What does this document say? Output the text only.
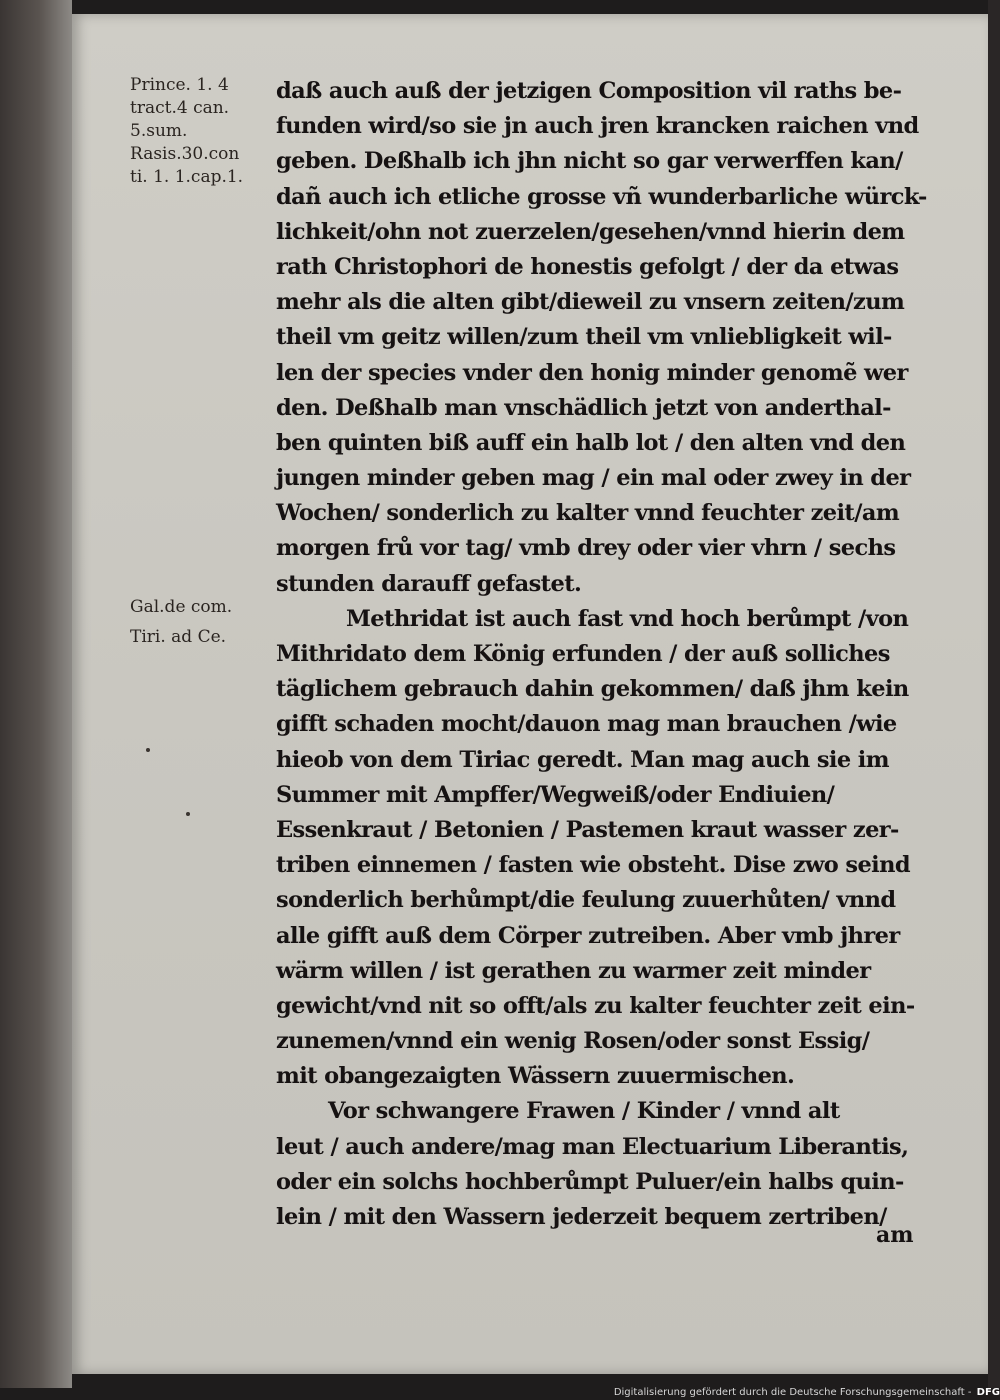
Prince. 1. 4
tract.4 can.
5.sum.
Rasis.30.con
ti. 1. 1.cap.1.
Gal.de com.
Tiri. ad Ce.
daß auch auß der jetzigen Composition vil raths be-
funden wird/so sie jn auch jren krancken raichen vnd
geben. Deßhalb ich jhn nicht so gar verwerffen kan/
dañ auch ich etliche grosse vñ wunderbarliche würck-
lichkeit/ohn not zuerzelen/gesehen/vnnd hierin dem
rath Christophori de honestis gefolgt / der da etwas
mehr als die alten gibt/dieweil zu vnsern zeiten/zum
theil vm geitz willen/zum theil vm vnliebligkeit wil-
len der species vnder den honig minder genomẽ wer
den. Deßhalb man vnschädlich jetzt von anderthal-
ben quinten biß auff ein halb lot / den alten vnd den
jungen minder geben mag / ein mal oder zwey in der
Wochen/ sonderlich zu kalter vnnd feuchter zeit/am
morgen frů vor tag/ vmb drey oder vier vhrn / sechs
stunden darauff gefastet.
Methridat ist auch fast vnd hoch berůmpt /von
Mithridato dem König erfunden / der auß solliches
täglichem gebrauch dahin gekommen/ daß jhm kein
gifft schaden mocht/dauon mag man brauchen /wie
hieob von dem Tiriac geredt. Man mag auch sie im
Summer mit Ampffer/Wegweiß/oder Endiuien/
Essenkraut / Betonien / Pastemen kraut wasser zer-
triben einnemen / fasten wie obsteht. Dise zwo seind
sonderlich berhůmpt/die feulung zuuerhůten/ vnnd
alle gifft auß dem Cörper zutreiben. Aber vmb jhrer
wärm willen / ist gerathen zu warmer zeit minder
gewicht/vnd nit so offt/als zu kalter feuchter zeit ein-
zunemen/vnnd ein wenig Rosen/oder sonst Essig/
mit obangezaigten Wässern zuuermischen.
Vor schwangere Frawen / Kinder / vnnd alt
leut / auch andere/mag man Electuarium Liberantis,
oder ein solchs hochberůmpt Puluer/ein halbs quin-
lein / mit den Wassern jederzeit bequem zertriben/
am
Digitalisierung gefördert durch die Deutsche Forschungsgemeinschaft - DFG
